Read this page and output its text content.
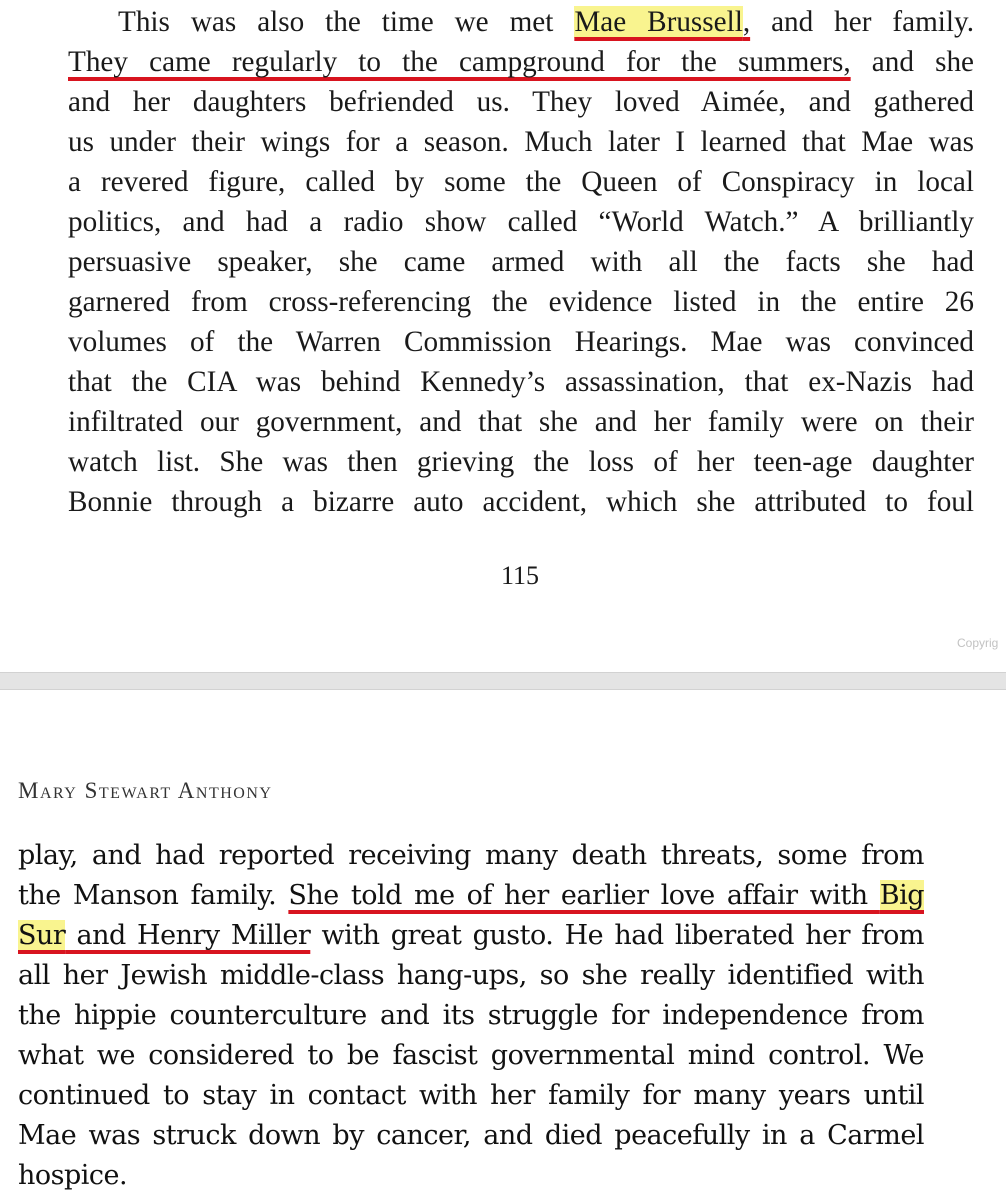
This was also the time we met Mae Brussell, and her family.
They came regularly to the campground for the summers, and she
and her daughters befriended us. They loved Aimée, and gathered
us under their wings for a season. Much later I learned that Mae was
a revered figure, called by some the Queen of Conspiracy in local
politics, and had a radio show called “World Watch.” A brilliantly
persuasive speaker, she came armed with all the facts she had
garnered from cross-referencing the evidence listed in the entire 26
volumes of the Warren Commission Hearings. Mae was convinced
that the CIA was behind Kennedy’s assassination, that ex-Nazis had
infiltrated our government, and that she and her family were on their
watch list. She was then grieving the loss of her teen-age daughter
Bonnie through a bizarre auto accident, which she attributed to foul
115
Copyrig
Mary Stewart Anthony
play, and had reported receiving many death threats, some from
the Manson family. She told me of her earlier love affair with Big
Sur and Henry Miller with great gusto. He had liberated her from
all her Jewish middle-class hang-ups, so she really identified with
the hippie counterculture and its struggle for independence from
what we considered to be fascist governmental mind control. We
continued to stay in contact with her family for many years until
Mae was struck down by cancer, and died peacefully in a Carmel
hospice.
